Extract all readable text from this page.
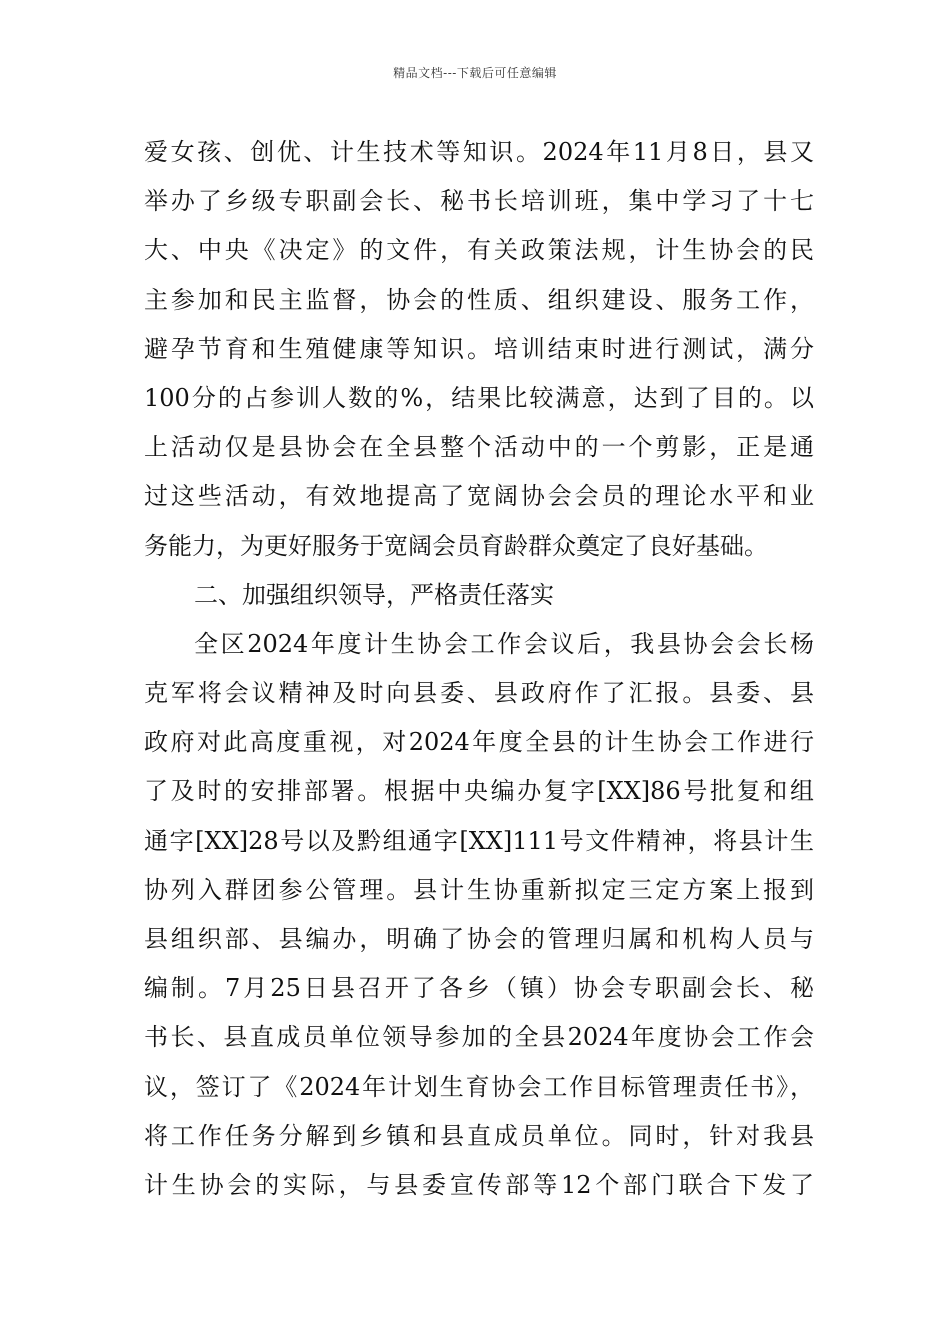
精品文档---下载后可任意编辑
爱女孩、创优、计生技术等知识。2024年11月8日，县又
举办了乡级专职副会长、秘书长培训班，集中学习了十七
大、中央《决定》的文件，有关政策法规，计生协会的民
主参加和民主监督，协会的性质、组织建设、服务工作，
避孕节育和生殖健康等知识。培训结束时进行测试，满分
100分的占参训人数的%，结果比较满意，达到了目的。以
上活动仅是县协会在全县整个活动中的一个剪影，正是通
过这些活动，有效地提高了宽阔协会会员的理论水平和业
务能力，为更好服务于宽阔会员育龄群众奠定了良好基础。
二、加强组织领导，严格责任落实
全区2024年度计生协会工作会议后，我县协会会长杨
克军将会议精神及时向县委、县政府作了汇报。县委、县
政府对此高度重视，对2024年度全县的计生协会工作进行
了及时的安排部署。根据中央编办复字[XX]86号批复和组
通字[XX]28号以及黔组通字[XX]111号文件精神，将县计生
协列入群团参公管理。县计生协重新拟定三定方案上报到
县组织部、县编办，明确了协会的管理归属和机构人员与
编制。7月25日县召开了各乡（镇）协会专职副会长、秘
书长、县直成员单位领导参加的全县2024年度协会工作会
议，签订了《2024年计划生育协会工作目标管理责任书》，
将工作任务分解到乡镇和县直成员单位。同时，针对我县
计生协会的实际，与县委宣传部等12个部门联合下发了
